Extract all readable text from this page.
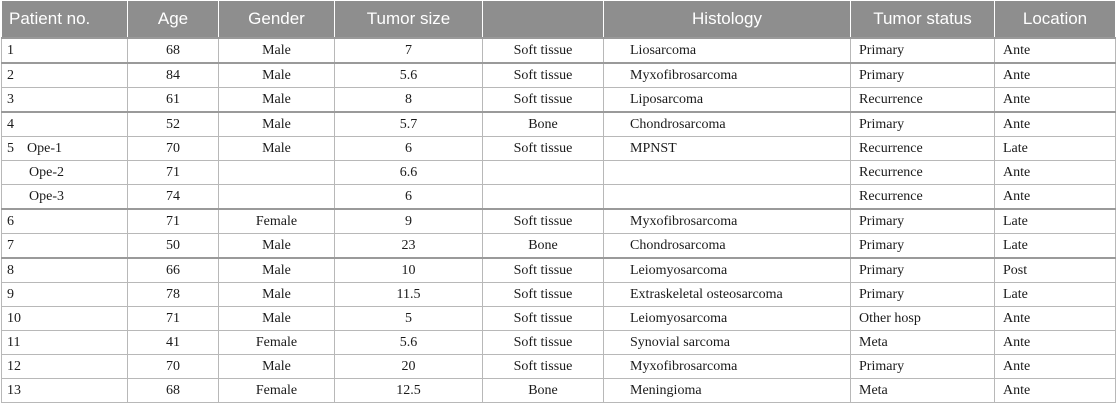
Patient no.	Age	Gender	Tumor size		Histology	Tumor status	Location
1	68	Male	7	Soft tissue	Liosarcoma	Primary	Ante
2	84	Male	5.6	Soft tissue	Myxofibrosarcoma	Primary	Ante
3	61	Male	8	Soft tissue	Liposarcoma	Recurrence	Ante
4	52	Male	5.7	Bone	Chondrosarcoma	Primary	Ante
5 Ope-1	70	Male	6	Soft tissue	MPNST	Recurrence	Late
Ope-2	71		6.6			Recurrence	Ante
Ope-3	74		6			Recurrence	Ante
6	71	Female	9	Soft tissue	Myxofibrosarcoma	Primary	Late
7	50	Male	23	Bone	Chondrosarcoma	Primary	Late
8	66	Male	10	Soft tissue	Leiomyosarcoma	Primary	Post
9	78	Male	11.5	Soft tissue	Extraskeletal osteosarcoma	Primary	Late
10	71	Male	5	Soft tissue	Leiomyosarcoma	Other hosp	Ante
11	41	Female	5.6	Soft tissue	Synovial sarcoma	Meta	Ante
12	70	Male	20	Soft tissue	Myxofibrosarcoma	Primary	Ante
13	68	Female	12.5	Bone	Meningioma	Meta	Ante
